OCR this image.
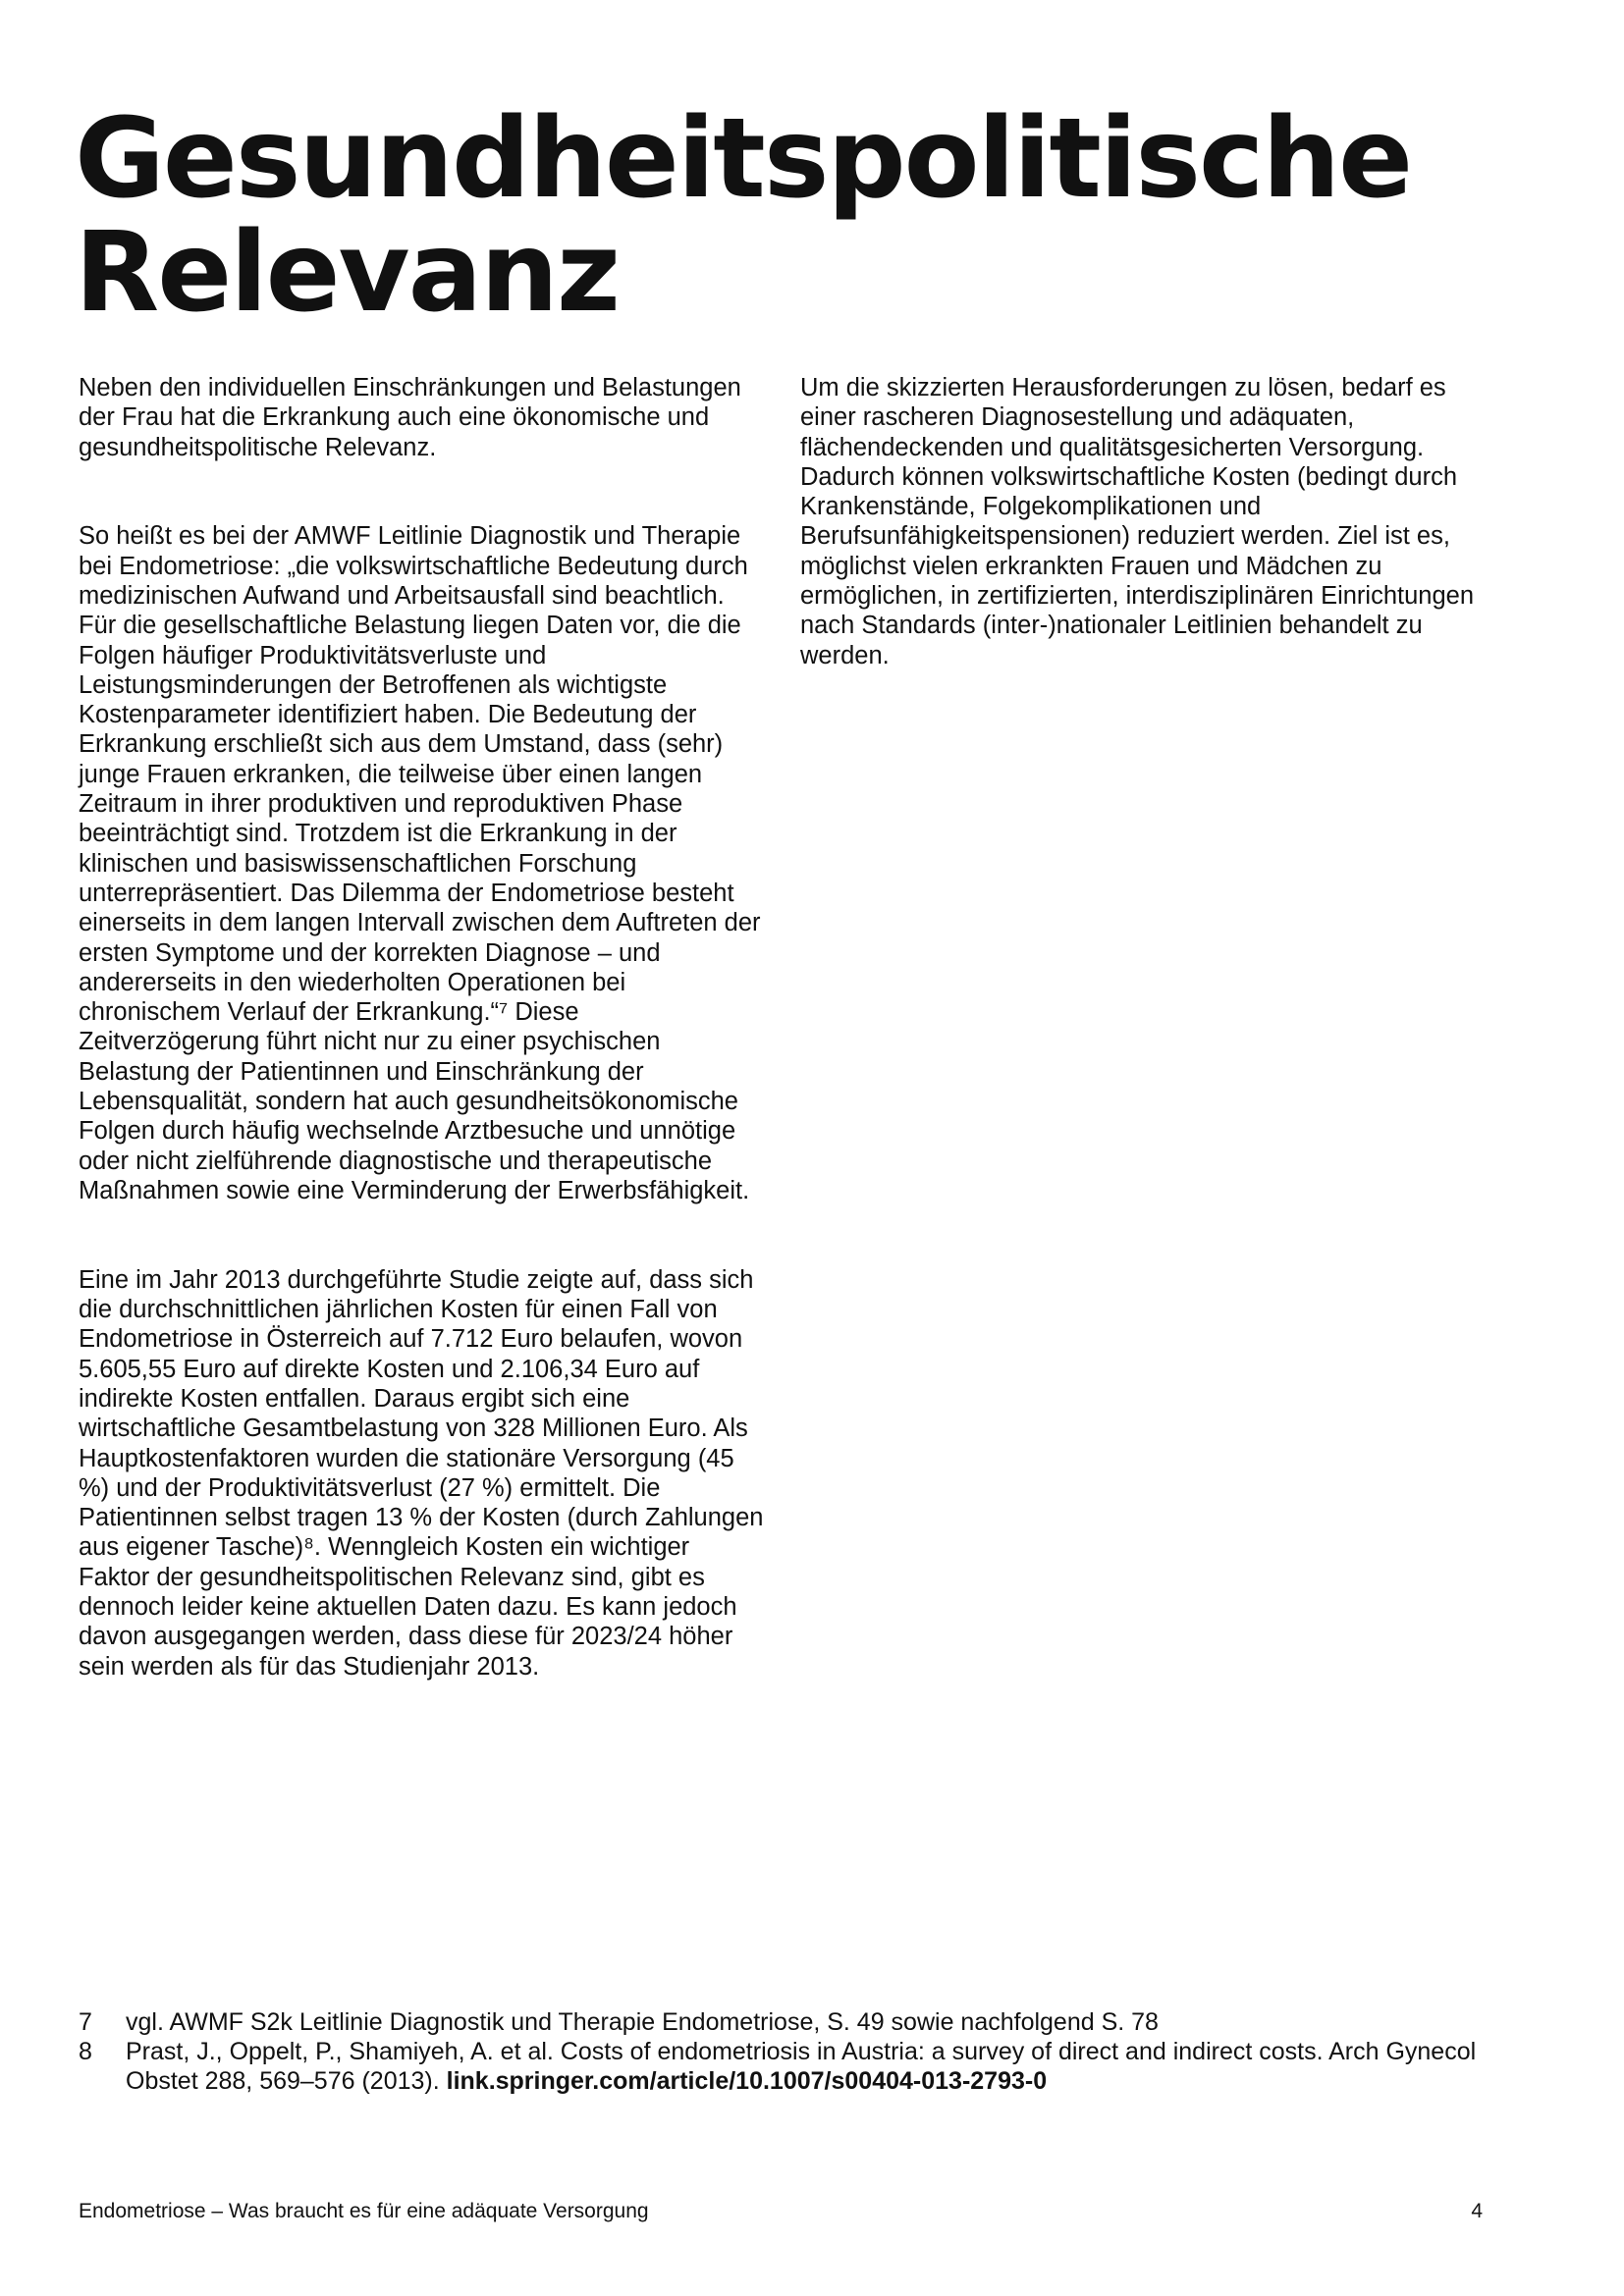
Gesundheitspolitische
Relevanz

Neben den individuellen Einschränkungen und Belastungen der Frau hat die Erkrankung auch eine ökonomische und gesundheitspolitische Relevanz.

So heißt es bei der AMWF Leitlinie Diagnostik und Therapie bei Endometriose: „die volkswirtschaftliche Bedeutung durch medizinischen Aufwand und Arbeitsausfall sind beachtlich. Für die gesellschaftliche Belastung liegen Daten vor, die die Folgen häufiger Produktivitätsverluste und Leistungsminderungen der Betroffenen als wichtigste Kostenparameter identifiziert haben. Die Bedeutung der Erkrankung erschließt sich aus dem Umstand, dass (sehr) junge Frauen erkranken, die teilweise über einen langen Zeitraum in ihrer produktiven und reproduktiven Phase beeinträchtigt sind. Trotzdem ist die Erkrankung in der klinischen und basiswissenschaftlichen Forschung unterrepräsentiert. Das Dilemma der Endometriose besteht einerseits in dem langen Intervall zwischen dem Auftreten der ersten Symptome und der korrekten Diagnose – und andererseits in den wiederholten Operationen bei chronischem Verlauf der Erkrankung.“⁷ Diese Zeitverzögerung führt nicht nur zu einer psychischen Belastung der Patientinnen und Einschränkung der Lebensqualität, sondern hat auch gesundheitsökonomische Folgen durch häufig wechselnde Arztbesuche und unnötige oder nicht zielführende diagnostische und therapeutische Maßnahmen sowie eine Verminderung der Erwerbsfähigkeit.

Eine im Jahr 2013 durchgeführte Studie zeigte auf, dass sich die durchschnittlichen jährlichen Kosten für einen Fall von Endometriose in Österreich auf 7.712 Euro belaufen, wovon 5.605,55 Euro auf direkte Kosten und 2.106,34 Euro auf indirekte Kosten entfallen. Daraus ergibt sich eine wirtschaftliche Gesamtbelastung von 328 Millionen Euro. Als Hauptkostenfaktoren wurden die stationäre Versorgung (45 %) und der Produktivitätsverlust (27 %) ermittelt. Die Patientinnen selbst tragen 13 % der Kosten (durch Zahlungen aus eigener Tasche)⁸. Wenngleich Kosten ein wichtiger Faktor der gesundheitspolitischen Relevanz sind, gibt es dennoch leider keine aktuellen Daten dazu. Es kann jedoch davon ausgegangen werden, dass diese für 2023/24 höher sein werden als für das Studienjahr 2013.

Um die skizzierten Herausforderungen zu lösen, bedarf es einer rascheren Diagnosestellung und adäquaten, flächendeckenden und qualitätsgesicherten Versorgung. Dadurch können volkswirtschaftliche Kosten (bedingt durch Krankenstände, Folgekomplikationen und Berufsunfähigkeitspensionen) reduziert werden. Ziel ist es, möglichst vielen erkrankten Frauen und Mädchen zu ermöglichen, in zertifizierten, interdisziplinären Einrichtungen nach Standards (inter-)nationaler Leitlinien behandelt zu werden.

7	vgl. AWMF S2k Leitlinie Diagnostik und Therapie Endometriose, S. 49 sowie nachfolgend S. 78
8	Prast, J., Oppelt, P., Shamiyeh, A. et al. Costs of endometriosis in Austria: a survey of direct and indirect costs. Arch Gynecol Obstet 288, 569–576 (2013). link.springer.com/article/10.1007/s00404-013-2793-0
Endometriose – Was braucht es für eine adäquate Versorgung	4
